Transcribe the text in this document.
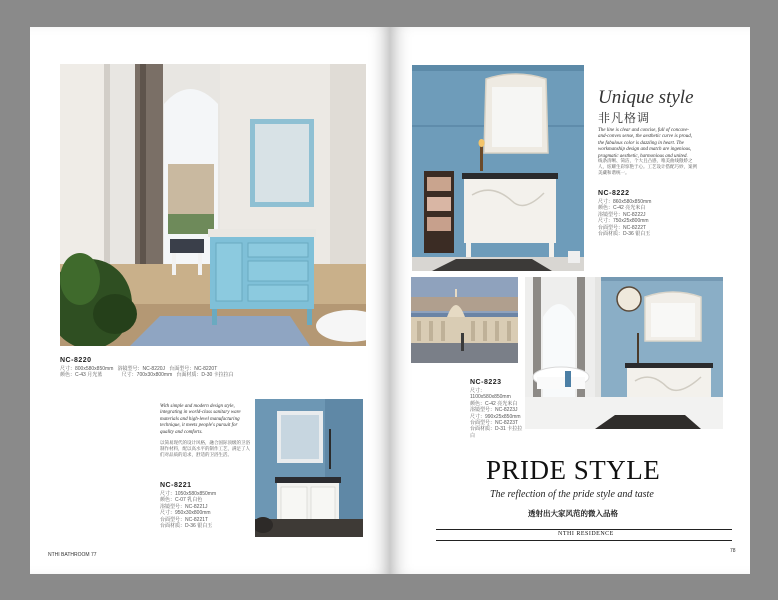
NC-8220
尺寸：800x580x850mm   浴镜型号：NC-8220J   台面型号：NC-8220T
颜色：C-43 月光蓝              尺寸：700x30x800mm   台面材质：D-30 卡拉拉白
With simple and modern design style, integrating in world-class sanitary ware materials and high-level manufacturing technique, it meets people's pursuit for quality and comforts.
以简易现代的设计风格，融合国际顶级的卫浴制作材料，配以高水平的制作工艺，满足了人们对品质的追求，舒适的卫浴生活。
NC-8221
尺寸：1050x580x850mm
颜色：C-07 乳白色
浴镜型号：NC-8221J
尺寸：950x30x800mm
台面型号：NC-8221T
台面材质：D-36 银白玉
NTHI BATHROOM 77
Unique style
非凡格调
The line is clear and concise, full of concave-and-convex sense, the aesthetic curve is proud, the fabulous color is dazzling in heart. The workmanship design and match are ingenious, pragmatic aesthetic, harmonious and united.
线条清晰、简洁，个大且凸感，唯美曲线傲娇之人，炫耀生彩惊艳于心。工艺设计搭配巧妙，案例美藏和谐统一。
NC-8222
尺寸：860x580x850mm
颜色：C-42 亮光米白
浴镜型号：NC-8222J
尺寸：750x25x800mm
台面型号：NC-8222T
台面材质：D-36 银白玉
NC-8223
尺寸：1100x580x850mm
颜色：C-42 亮光米白
浴镜型号：NC-8223J
尺寸：990x25x850mm
台面型号：NC-8223T
台面材质：D-31 卡拉拉白
PRIDE STYLE
The reflection of the pride style and taste
透射出大家风范的微入品格
NTHI RESIDENCE
78
